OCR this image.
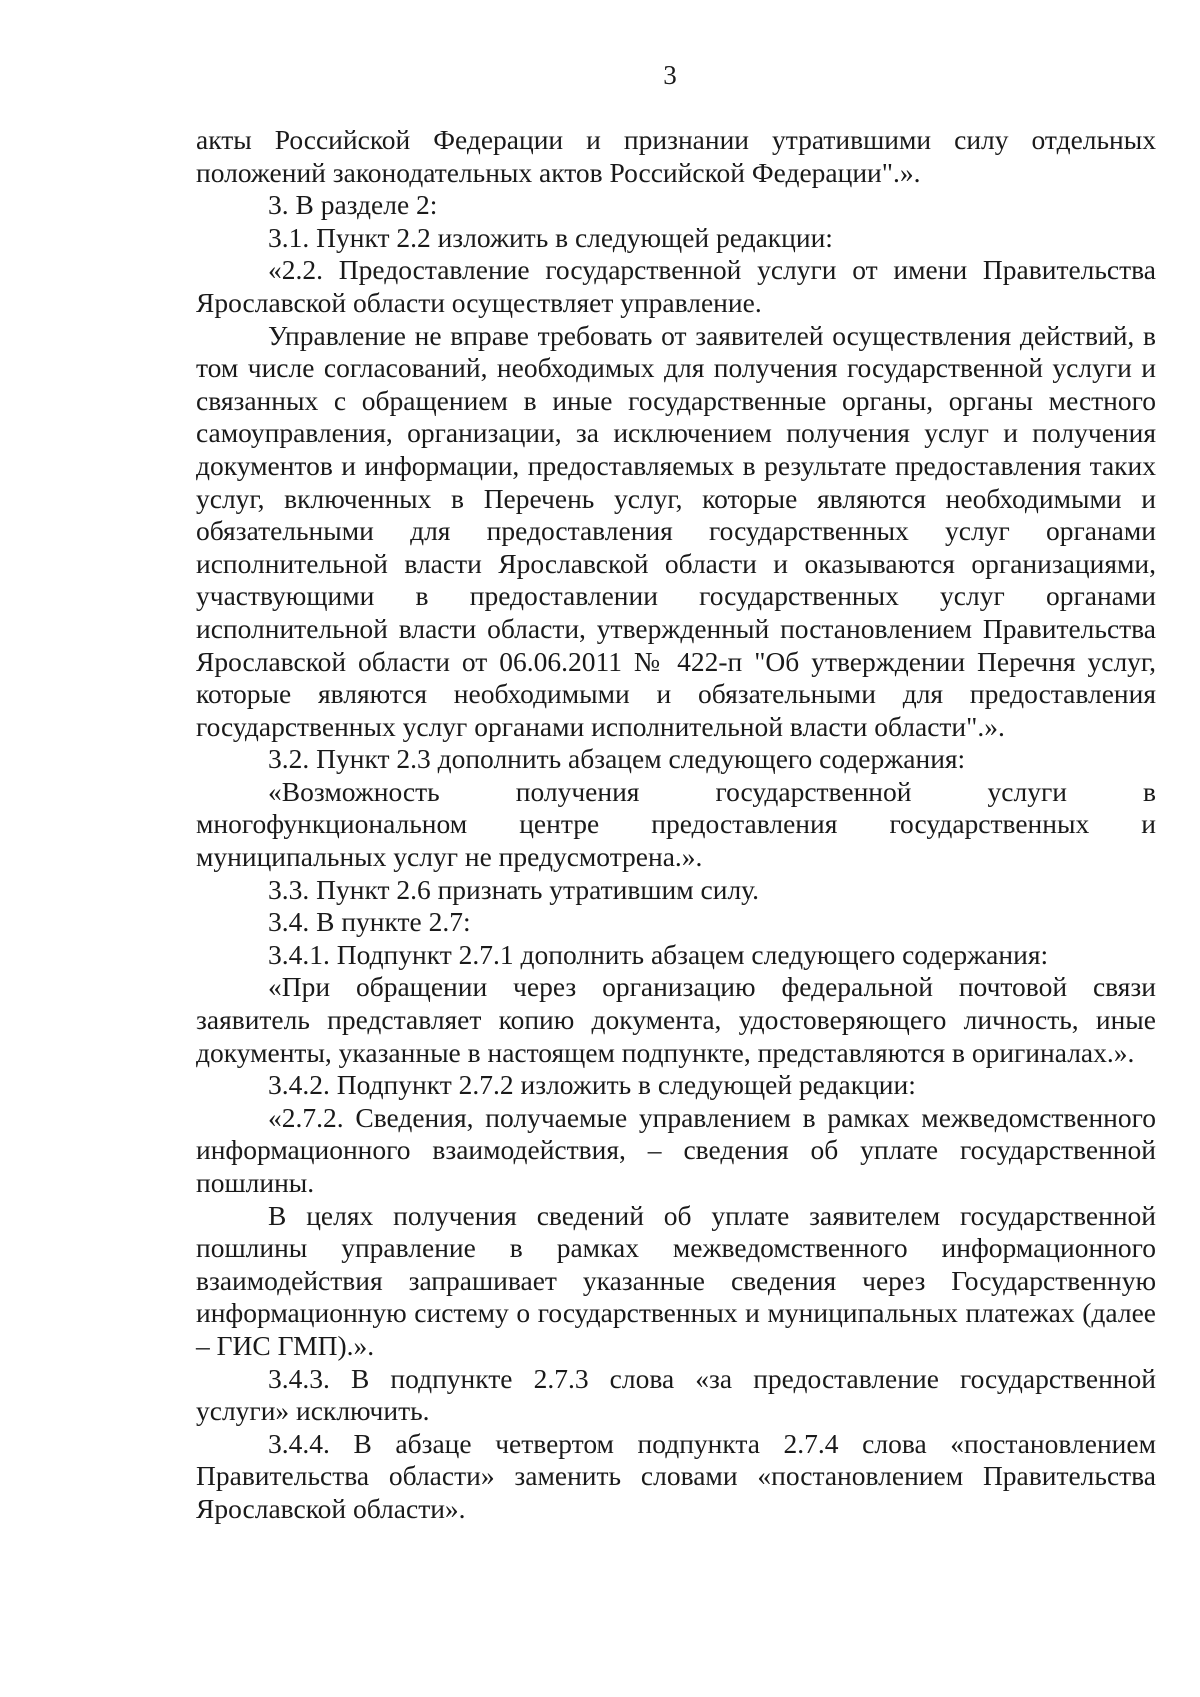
3

акты Российской Федерации и признании утратившими силу отдельных положений законодательных актов Российской Федерации".».

3. В разделе 2:

3.1. Пункт 2.2 изложить в следующей редакции:

«2.2. Предоставление государственной услуги от имени Правительства Ярославской области осуществляет управление.

Управление не вправе требовать от заявителей осуществления действий, в том числе согласований, необходимых для получения государственной услуги и связанных с обращением в иные государственные органы, органы местного самоуправления, организации, за исключением получения услуг и получения документов и информации, предоставляемых в результате предоставления таких услуг, включенных в Перечень услуг, которые являются необходимыми и обязательными для предоставления государственных услуг органами исполнительной власти Ярославской области и оказываются организациями, участвующими в предоставлении государственных услуг органами исполнительной власти области, утвержденный постановлением Правительства Ярославской области от 06.06.2011 № 422-п "Об утверждении Перечня услуг, которые являются необходимыми и обязательными для предоставления государственных услуг органами исполнительной власти области".».

3.2. Пункт 2.3 дополнить абзацем следующего содержания:

«Возможность получения государственной услуги в многофункциональном центре предоставления государственных и муниципальных услуг не предусмотрена.».

3.3. Пункт 2.6 признать утратившим силу.

3.4. В пункте 2.7:

3.4.1. Подпункт 2.7.1 дополнить абзацем следующего содержания:

«При обращении через организацию федеральной почтовой связи заявитель представляет копию документа, удостоверяющего личность, иные документы, указанные в настоящем подпункте, представляются в оригиналах.».

3.4.2. Подпункт 2.7.2 изложить в следующей редакции:

«2.7.2. Сведения, получаемые управлением в рамках межведомственного информационного взаимодействия, – сведения об уплате государственной пошлины.

В целях получения сведений об уплате заявителем государственной пошлины управление в рамках межведомственного информационного взаимодействия запрашивает указанные сведения через Государственную информационную систему о государственных и муниципальных платежах (далее – ГИС ГМП).».

3.4.3. В подпункте 2.7.3 слова «за предоставление государственной услуги» исключить.

3.4.4. В абзаце четвертом подпункта 2.7.4 слова «постановлением Правительства области» заменить словами «постановлением Правительства Ярославской области».
